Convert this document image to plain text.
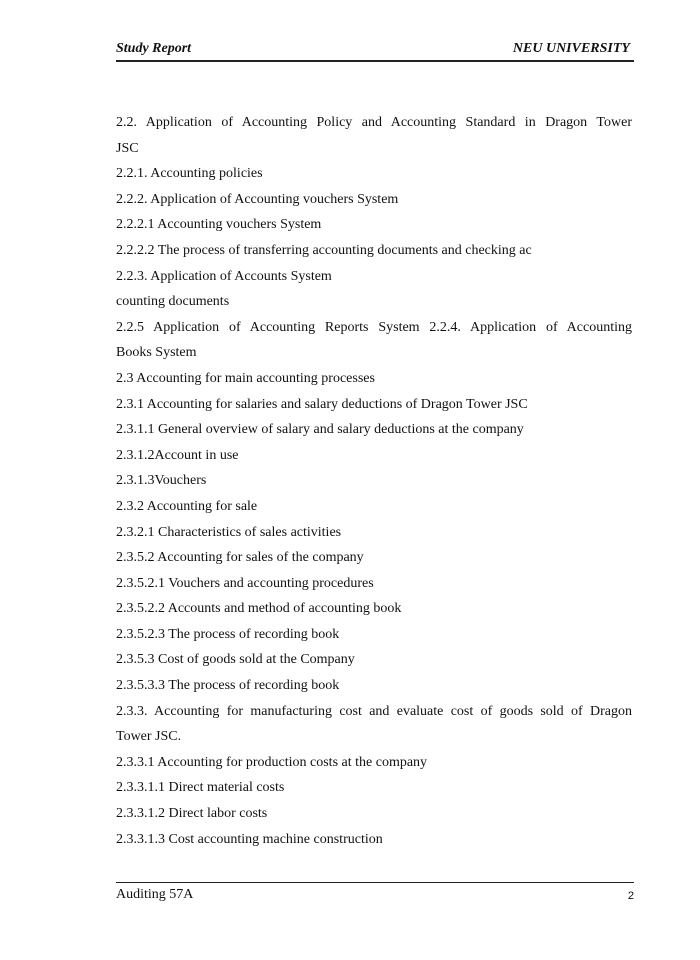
Study Report	NEU UNIVERSITY

2.2. Application of Accounting Policy and Accounting Standard in Dragon Tower

JSC

2.2.1. Accounting policies

2.2.2. Application of Accounting vouchers System

2.2.2.1 Accounting vouchers System

2.2.2.2 The process of transferring accounting documents and checking ac

2.2.3. Application of Accounts System

counting documents

2.2.5 Application of Accounting Reports System 2.2.4. Application of Accounting

Books System

2.3 Accounting for main accounting processes

2.3.1 Accounting for salaries and salary deductions of Dragon Tower JSC

2.3.1.1 General overview of salary and salary deductions at the company

2.3.1.2Account in use

2.3.1.3Vouchers

2.3.2 Accounting for sale

2.3.2.1 Characteristics of sales activities

2.3.5.2 Accounting for sales of the company

2.3.5.2.1 Vouchers and accounting procedures

2.3.5.2.2 Accounts and method of accounting book

2.3.5.2.3 The process of recording book

2.3.5.3 Cost of goods sold at the Company

2.3.5.3.3 The process of recording book

2.3.3. Accounting for manufacturing cost and evaluate cost of goods sold of Dragon

Tower JSC.

2.3.3.1 Accounting for production costs at the company

2.3.3.1.1 Direct material costs

2.3.3.1.2 Direct labor costs

2.3.3.1.3 Cost accounting machine construction

Auditing 57A	2
